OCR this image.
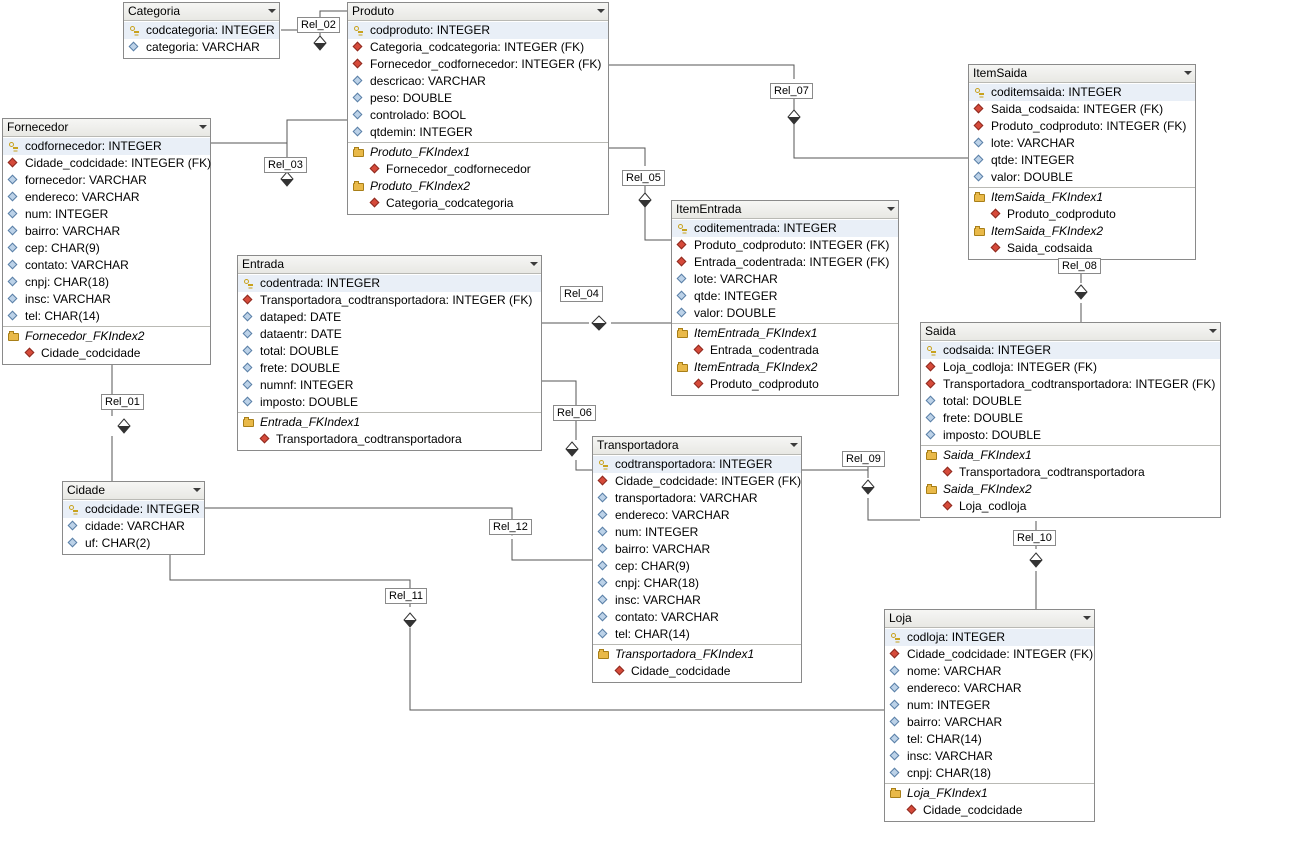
Categoria
codcategoria: INTEGER
categoria: VARCHAR
Produto
codproduto: INTEGER
Categoria_codcategoria: INTEGER (FK)
Fornecedor_codfornecedor: INTEGER (FK)
descricao: VARCHAR
peso: DOUBLE
controlado: BOOL
qtdemin: INTEGER
Produto_FKIndex1
Fornecedor_codfornecedor
Produto_FKIndex2
Categoria_codcategoria
ItemSaida
coditemsaida: INTEGER
Saida_codsaida: INTEGER (FK)
Produto_codproduto: INTEGER (FK)
lote: VARCHAR
qtde: INTEGER
valor: DOUBLE
ItemSaida_FKIndex1
Produto_codproduto
ItemSaida_FKIndex2
Saida_codsaida
Fornecedor
codfornecedor: INTEGER
Cidade_codcidade: INTEGER (FK)
fornecedor: VARCHAR
endereco: VARCHAR
num: INTEGER
bairro: VARCHAR
cep: CHAR(9)
contato: VARCHAR
cnpj: CHAR(18)
insc: VARCHAR
tel: CHAR(14)
Fornecedor_FKIndex2
Cidade_codcidade
ItemEntrada
coditementrada: INTEGER
Produto_codproduto: INTEGER (FK)
Entrada_codentrada: INTEGER (FK)
lote: VARCHAR
qtde: INTEGER
valor: DOUBLE
ItemEntrada_FKIndex1
Entrada_codentrada
ItemEntrada_FKIndex2
Produto_codproduto
Entrada
codentrada: INTEGER
Transportadora_codtransportadora: INTEGER (FK)
dataped: DATE
dataentr: DATE
total: DOUBLE
frete: DOUBLE
numnf: INTEGER
imposto: DOUBLE
Entrada_FKIndex1
Transportadora_codtransportadora
Saida
codsaida: INTEGER
Loja_codloja: INTEGER (FK)
Transportadora_codtransportadora: INTEGER (FK)
total: DOUBLE
frete: DOUBLE
imposto: DOUBLE
Saida_FKIndex1
Transportadora_codtransportadora
Saida_FKIndex2
Loja_codloja
Transportadora
codtransportadora: INTEGER
Cidade_codcidade: INTEGER (FK)
transportadora: VARCHAR
endereco: VARCHAR
num: INTEGER
bairro: VARCHAR
cep: CHAR(9)
cnpj: CHAR(18)
insc: VARCHAR
contato: VARCHAR
tel: CHAR(14)
Transportadora_FKIndex1
Cidade_codcidade
Cidade
codcidade: INTEGER
cidade: VARCHAR
uf: CHAR(2)
Loja
codloja: INTEGER
Cidade_codcidade: INTEGER (FK)
nome: VARCHAR
endereco: VARCHAR
num: INTEGER
bairro: VARCHAR
tel: CHAR(14)
insc: VARCHAR
cnpj: CHAR(18)
Loja_FKIndex1
Cidade_codcidade
Rel_02
Rel_07
Rel_03
Rel_05
Rel_08
Rel_04
Rel_06
Rel_01
Rel_09
Rel_12
Rel_10
Rel_11
